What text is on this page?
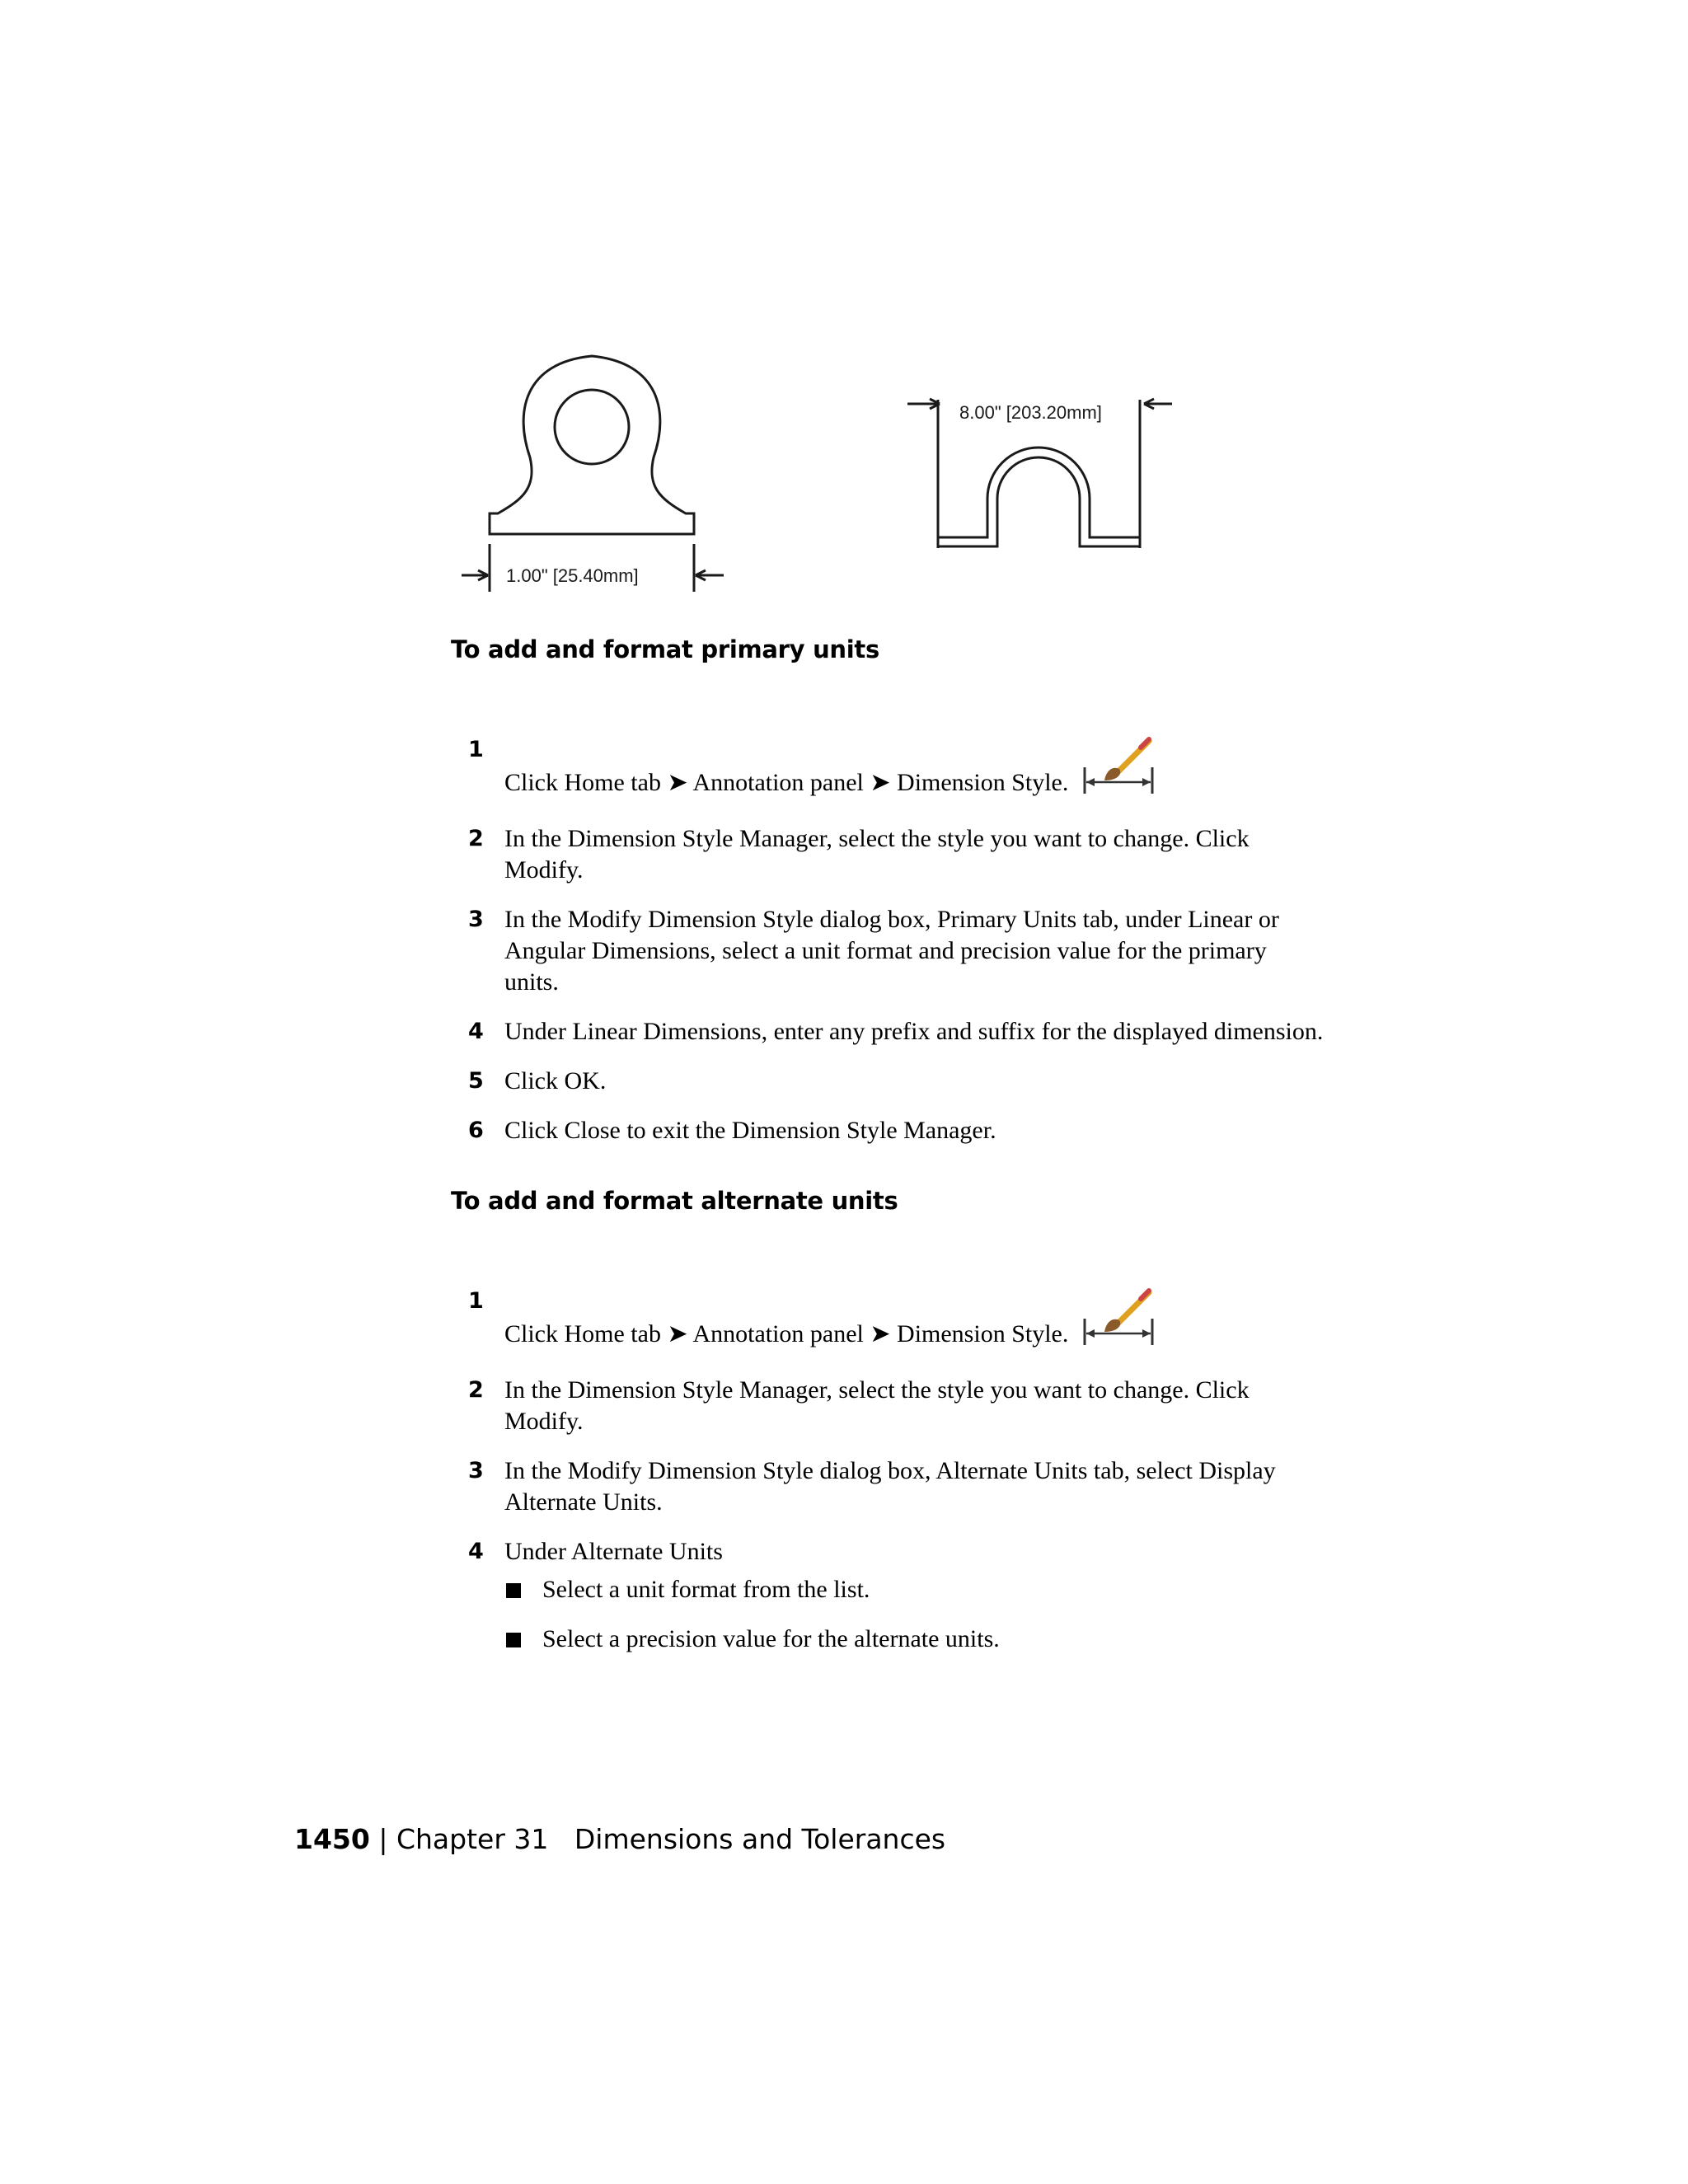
1.00" [25.40mm]
8.00" [203.20mm]
To add and format primary units
1
Click Home tab ➤ Annotation panel ➤ Dimension Style.
2 In the Dimension Style Manager, select the style you want to change. Click Modify.
3 In the Modify Dimension Style dialog box, Primary Units tab, under Linear or Angular Dimensions, select a unit format and precision value for the primary units.
4 Under Linear Dimensions, enter any prefix and suffix for the displayed dimension.
5 Click OK.
6 Click Close to exit the Dimension Style Manager.
To add and format alternate units
1
Click Home tab ➤ Annotation panel ➤ Dimension Style.
2 In the Dimension Style Manager, select the style you want to change. Click Modify.
3 In the Modify Dimension Style dialog box, Alternate Units tab, select Display Alternate Units.
4 Under Alternate Units
Select a unit format from the list.
Select a precision value for the alternate units.
1450 | Chapter 31 Dimensions and Tolerances
